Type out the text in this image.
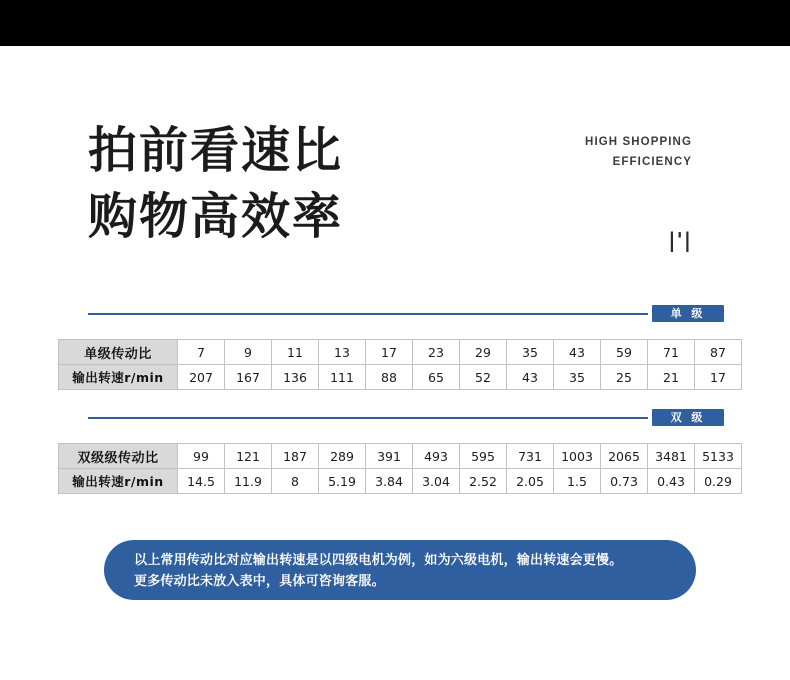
拍前看速比
购物高效率
HIGH SHOPPING
EFFICIENCY
|'|
单 级
单级传动比	7	9	11	13	17	23	29	35	43	59	71	87
输出转速r/min	207	167	136	111	88	65	52	43	35	25	21	17
双 级
双级级传动比	99	121	187	289	391	493	595	731	1003	2065	3481	5133
输出转速r/min	14.5	11.9	8	5.19	3.84	3.04	2.52	2.05	1.5	0.73	0.43	0.29
以上常用传动比对应输出转速是以四级电机为例，如为六级电机，输出转速会更慢。
更多传动比未放入表中，具体可咨询客服。
